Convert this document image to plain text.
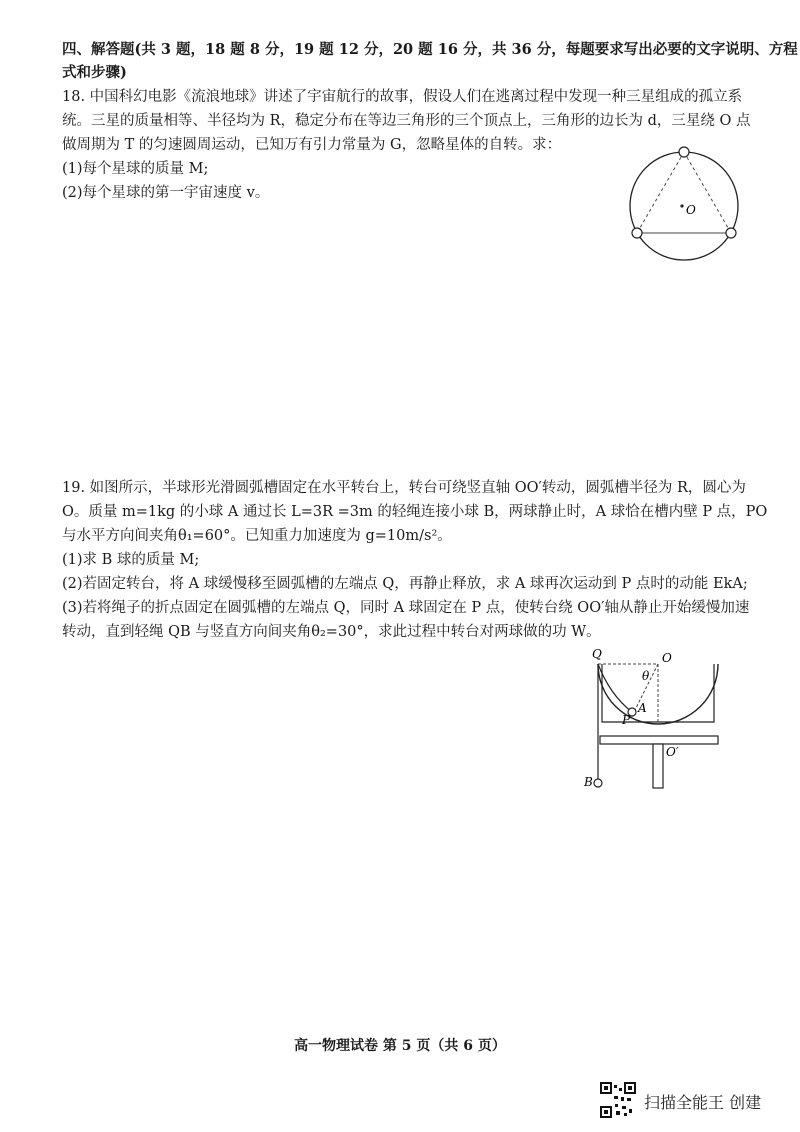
四、解答题(共 3 题，18 题 8 分，19 题 12 分，20 题 16 分，共 36 分，每题要求写出必要的文字说明、方程
式和步骤)
18. 中国科幻电影《流浪地球》讲述了宇宙航行的故事，假设人们在逃离过程中发现一种三星组成的孤立系
统。三星的质量相等、半径均为 R，稳定分布在等边三角形的三个顶点上，三角形的边长为 d，三星绕 O 点
做周期为 T 的匀速圆周运动，已知万有引力常量为 G，忽略星体的自转。求：
(1)每个星球的质量 M;
(2)每个星球的第一宇宙速度 v。
O
19. 如图所示，半球形光滑圆弧槽固定在水平转台上，转台可绕竖直轴 OO′转动，圆弧槽半径为 R，圆心为
O。质量 m=1kg 的小球 A 通过长 L=3R =3m 的轻绳连接小球 B，两球静止时，A 球恰在槽内壁 P 点，PO
与水平方向间夹角θ₁=60°。已知重力加速度为 g=10m/s²。
(1)求 B 球的质量 M;
(2)若固定转台，将 A 球缓慢移至圆弧槽的左端点 Q，再静止释放，求 A 球再次运动到 P 点时的动能 EkA;
(3)若将绳子的折点固定在圆弧槽的左端点 Q，同时 A 球固定在 P 点，使转台绕 OO′轴从静止开始缓慢加速
转动，直到轻绳 QB 与竖直方向间夹角θ₂=30°，求此过程中转台对两球做的功 W。
Q	O
θ
A
P
O′
B
高一物理试卷 第 5 页（共 6 页）
扫描全能王 创建
